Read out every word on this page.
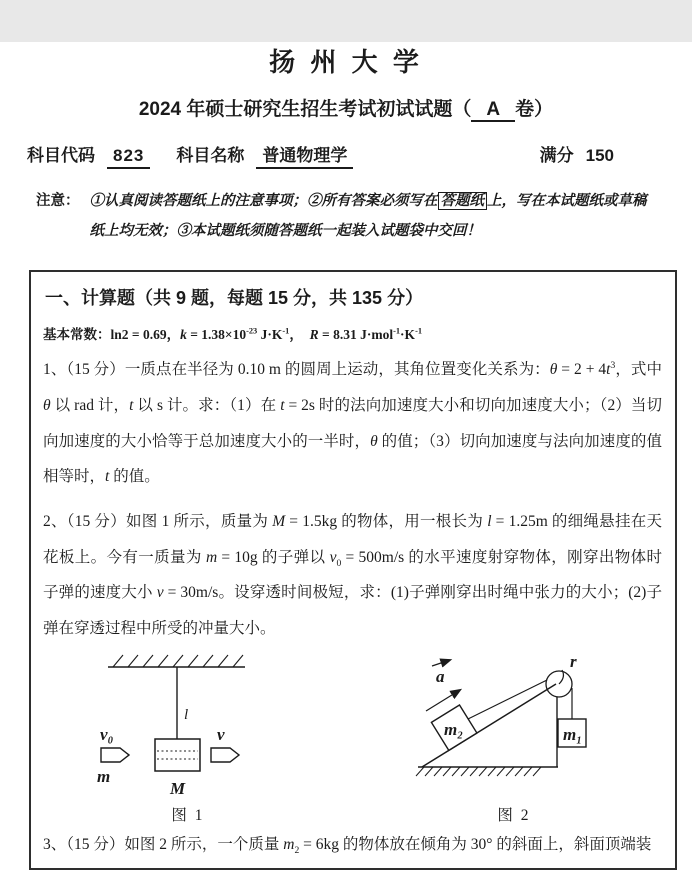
扬 州 大 学
2024 年硕士研究生招生考试初试试题（ A 卷）
科目代码	823	科目名称	普通物理学	满分 150
注意： ①认真阅读答题纸上的注意事项；②所有答案必须写在 答题纸 上，写在本试题纸或草稿纸上均无效；③本试题纸须随答题纸一起装入试题袋中交回！
一、计算题（共 9 题，每题 15 分，共 135 分）
基本常数：ln2 = 0.69，$k = 1.38\times 10^{-23}$ $J\cdot K^{-1}$，　R = 8.31 $J\cdot mol^{-1}\cdot K^{-1}$
1、（15 分）一质点在半径为 0.10 m 的圆周上运动，其角位置变化关系为：$\theta = 2 + 4t^3$，式中 θ 以 rad 计，t 以 s 计。求：（1）在 t = 2s 时的法向加速度大小和切向加速度大小；（2）当切向加速度的大小恰等于总加速度大小的一半时，θ 的值；（3）切向加速度与法向加速度的值相等时，t 的值。
2、（15 分）如图 1 所示，质量为 M = 1.5kg 的物体，用一根长为 l = 1.25m 的细绳悬挂在天花板上。今有一质量为 m = 10g 的子弹以 $v_0 = 500m/s$ 的水平速度射穿物体，刚穿出物体时子弹的速度大小 v = 30m/s。设穿透时间极短，求：(1)子弹刚穿出时绳中张力的大小；(2)子弹在穿透过程中所受的冲量大小。
l
M
v₀
m
v
图 1
r
m₂	m₁
a
图 2
3、（15 分）如图 2 所示，一个质量 $m_2 = 6kg$ 的物体放在倾角为 30° 的斜面上，斜面顶端装
